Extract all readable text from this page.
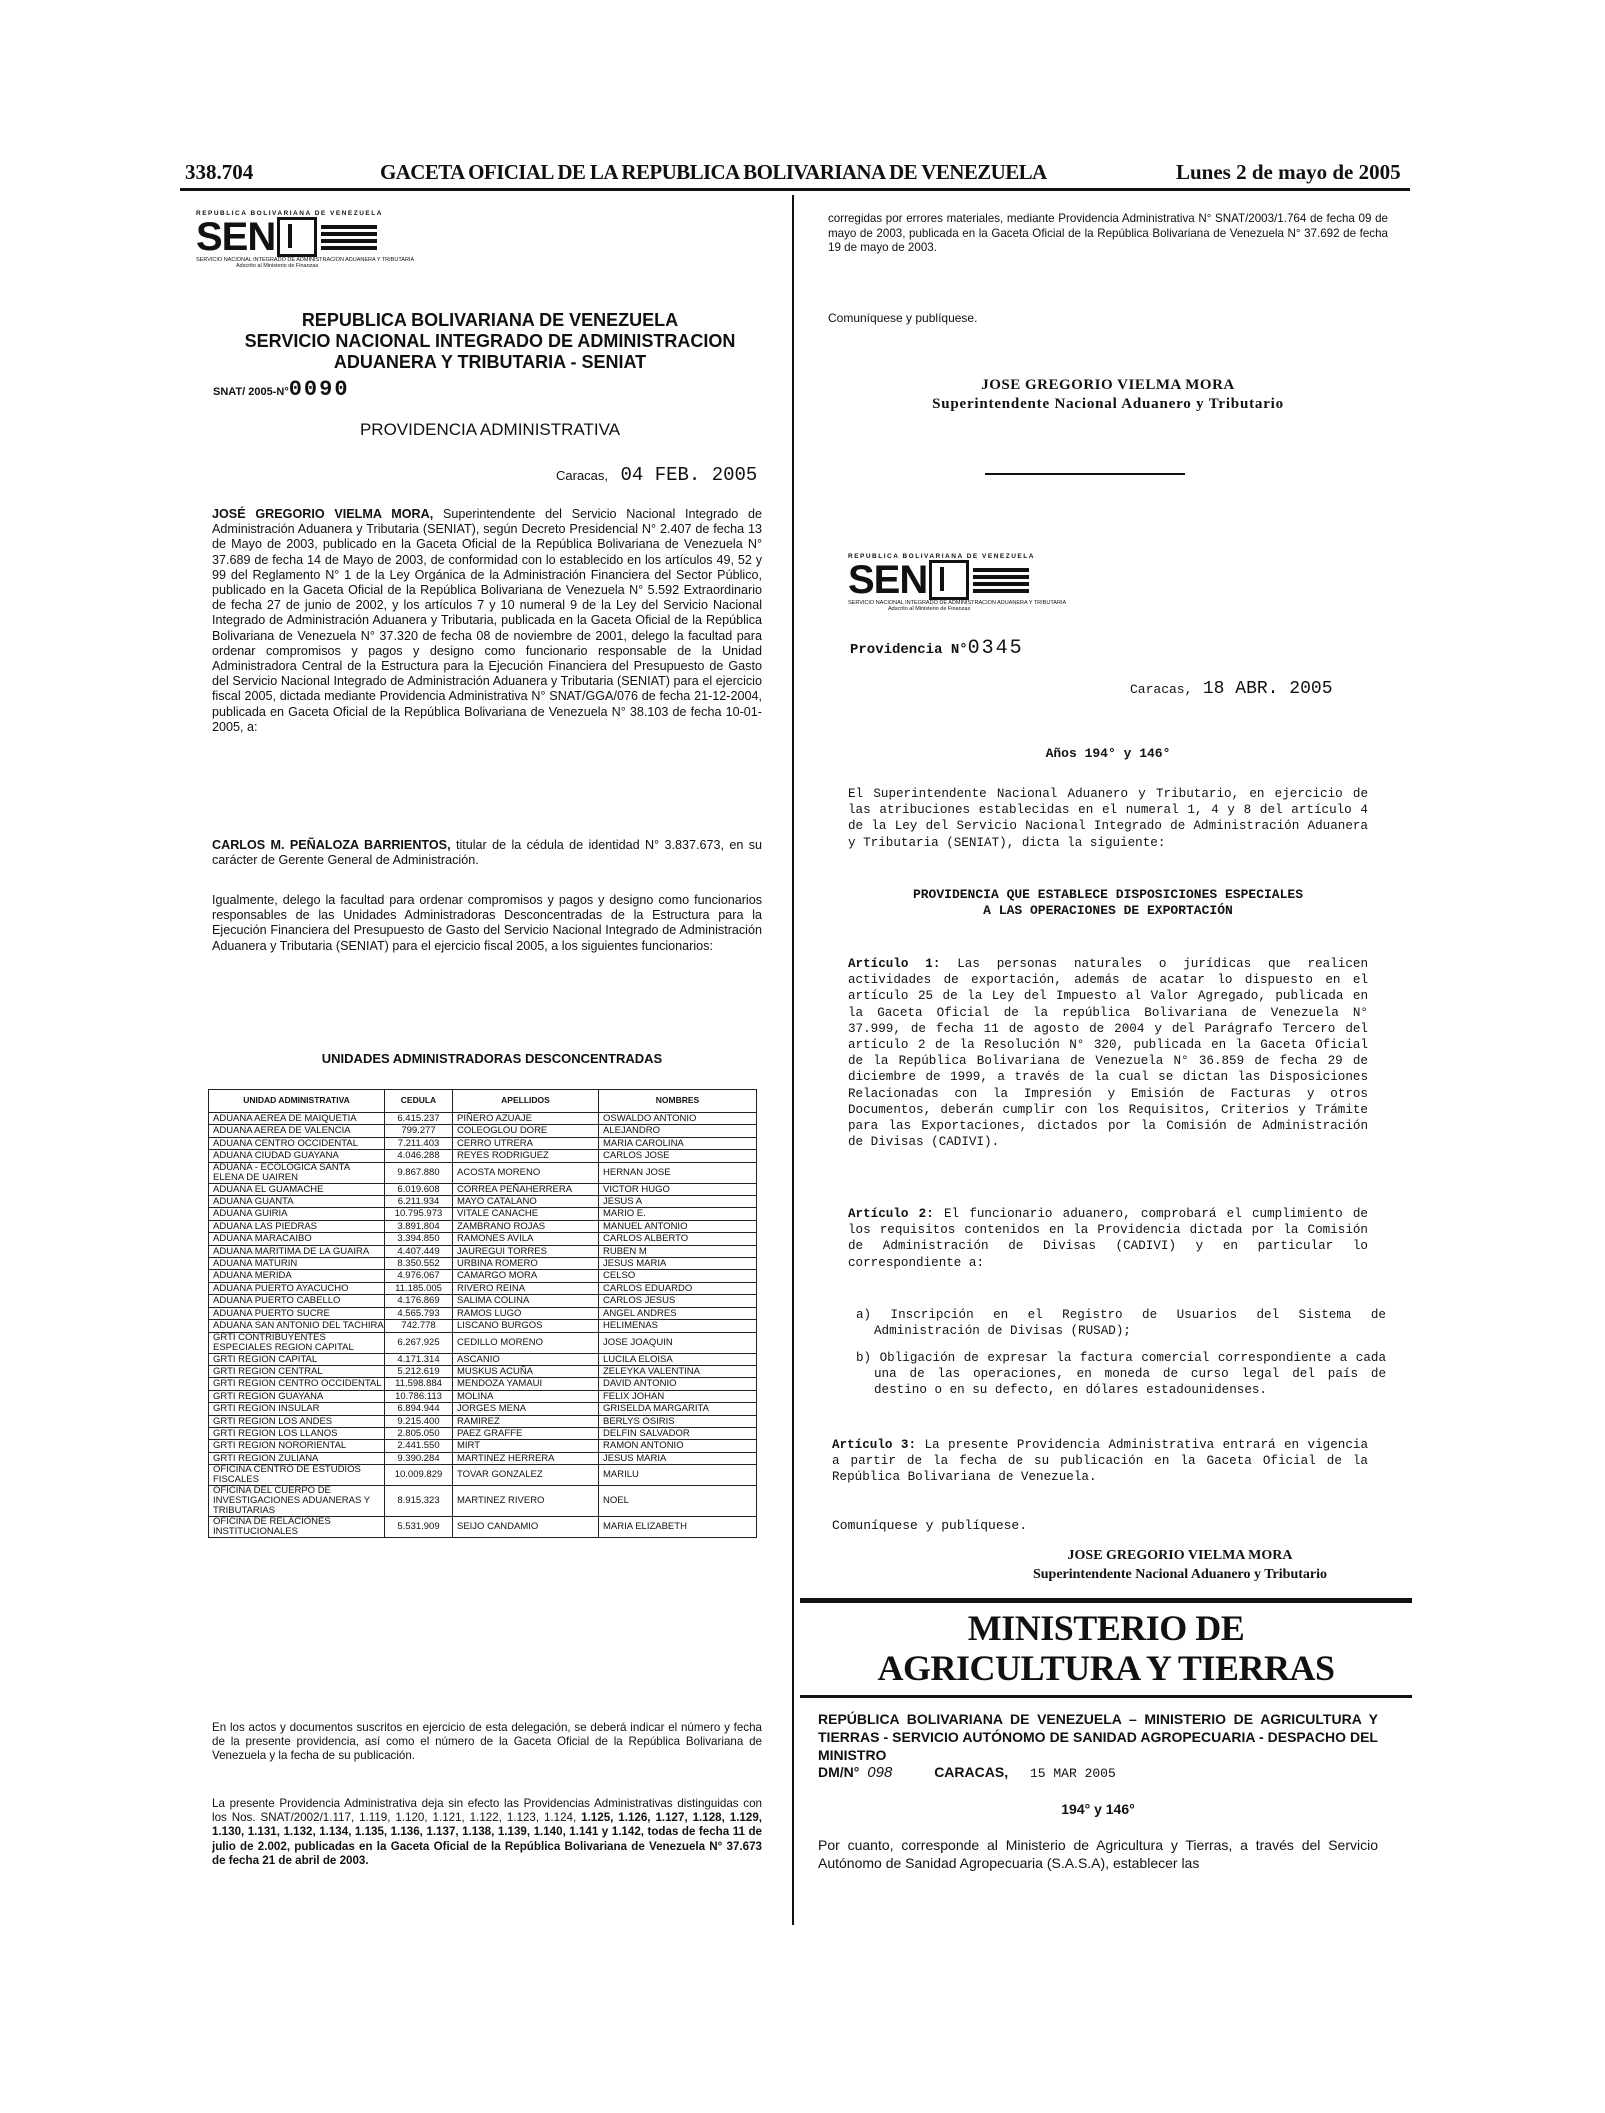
338.704	GACETA OFICIAL DE LA REPUBLICA BOLIVARIANA DE VENEZUELA	Lunes 2 de mayo de 2005
REPUBLICA BOLIVARIANA DE VENEZUELA
SEN
SERVICIO NACIONAL INTEGRADO DE ADMINISTRACION ADUANERA Y TRIBUTARIA
Adscrito al Ministerio de Finanzas
REPUBLICA BOLIVARIANA DE VENEZUELA
SERVICIO NACIONAL INTEGRADO DE ADMINISTRACION
ADUANERA Y TRIBUTARIA - SENIAT
SNAT/ 2005-N°0090
PROVIDENCIA ADMINISTRATIVA
Caracas, 04 FEB. 2005
JOSÉ GREGORIO VIELMA MORA, Superintendente del Servicio Nacional Integrado de Administración Aduanera y Tributaria (SENIAT), según Decreto Presidencial N° 2.407 de fecha 13 de Mayo de 2003, publicado en la Gaceta Oficial de la República Bolivariana de Venezuela N° 37.689 de fecha 14 de Mayo de 2003, de conformidad con lo establecido en los artículos 49, 52 y 99 del Reglamento N° 1 de la Ley Orgánica de la Administración Financiera del Sector Público, publicado en la Gaceta Oficial de la República Bolivariana de Venezuela N° 5.592 Extraordinario de fecha 27 de junio de 2002, y los artículos 7 y 10 numeral 9 de la Ley del Servicio Nacional Integrado de Administración Aduanera y Tributaria, publicada en la Gaceta Oficial de la República Bolivariana de Venezuela N° 37.320 de fecha 08 de noviembre de 2001, delego la facultad para ordenar compromisos y pagos y designo como funcionario responsable de la Unidad Administradora Central de la Estructura para la Ejecución Financiera del Presupuesto de Gasto del Servicio Nacional Integrado de Administración Aduanera y Tributaria (SENIAT) para el ejercicio fiscal 2005, dictada mediante Providencia Administrativa N° SNAT/GGA/076 de fecha 21-12-2004, publicada en Gaceta Oficial de la República Bolivariana de Venezuela N° 38.103 de fecha 10-01-2005, a:
CARLOS M. PEÑALOZA BARRIENTOS, titular de la cédula de identidad N° 3.837.673, en su carácter de Gerente General de Administración.
Igualmente, delego la facultad para ordenar compromisos y pagos y designo como funcionarios responsables de las Unidades Administradoras Desconcentradas de la Estructura para la Ejecución Financiera del Presupuesto de Gasto del Servicio Nacional Integrado de Administración Aduanera y Tributaria (SENIAT) para el ejercicio fiscal 2005, a los siguientes funcionarios:
UNIDADES ADMINISTRADORAS DESCONCENTRADAS
UNIDAD ADMINISTRATIVA	CEDULA	APELLIDOS	NOMBRES
ADUANA AEREA DE MAIQUETIA	6.415.237	PIÑERO AZUAJE	OSWALDO ANTONIO
ADUANA AEREA DE VALENCIA	799.277	COLEOGLOU DORE	ALEJANDRO
ADUANA CENTRO OCCIDENTAL	7.211.403	CERRO UTRERA	MARIA CAROLINA
ADUANA CIUDAD GUAYANA	4.046.288	REYES RODRIGUEZ	CARLOS JOSE
ADUANA - ECOLOGICA SANTA ELENA DE UAIREN	9.867.880	ACOSTA MORENO	HERNAN JOSE
ADUANA EL GUAMACHE	6.019.608	CORREA PEÑAHERRERA	VICTOR HUGO
ADUANA GUANTA	6.211.934	MAYO CATALANO	JESUS A
ADUANA GUIRIA	10.795.973	VITALE CANACHE	MARIO E.
ADUANA LAS PIEDRAS	3.891.804	ZAMBRANO ROJAS	MANUEL ANTONIO
ADUANA MARACAIBO	3.394.850	RAMONES AVILA	CARLOS ALBERTO
ADUANA MARITIMA DE LA GUAIRA	4.407.449	JAUREGUI TORRES	RUBEN M
ADUANA MATURIN	8.350.552	URBINA ROMERO	JESUS MARIA
ADUANA MERIDA	4.976.067	CAMARGO MORA	CELSO
ADUANA PUERTO AYACUCHO	11.185.005	RIVERO REINA	CARLOS EDUARDO
ADUANA PUERTO CABELLO	4.176.869	SALIMA COLINA	CARLOS JESUS
ADUANA PUERTO SUCRE	4.565.793	RAMOS LUGO	ANGEL ANDRES
ADUANA SAN ANTONIO DEL TACHIRA	742.778	LISCANO BURGOS	HELIMENAS
GRTI CONTRIBUYENTES ESPECIALES REGION CAPITAL	6.267.925	CEDILLO MORENO	JOSE JOAQUIN
GRTI REGION CAPITAL	4.171.314	ASCANIO	LUCILA ELOISA
GRTI REGION CENTRAL	5.212.619	MUSKUS ACUÑA	ZELEYKA VALENTINA
GRTI REGION CENTRO OCCIDENTAL	11.598.884	MENDOZA YAMAUI	DAVID ANTONIO
GRTI REGION GUAYANA	10.786.113	MOLINA	FELIX JOHAN
GRTI REGION INSULAR	6.894.944	JORGES MENA	GRISELDA MARGARITA
GRTI REGION LOS ANDES	9.215.400	RAMIREZ	BERLYS OSIRIS
GRTI REGION LOS LLANOS	2.805.050	PAEZ GRAFFE	DELFIN SALVADOR
GRTI REGION NORORIENTAL	2.441.550	MIRT	RAMON ANTONIO
GRTI REGION ZULIANA	9.390.284	MARTINEZ HERRERA	JESUS MARIA
OFICINA CENTRO DE ESTUDIOS FISCALES	10.009.829	TOVAR GONZALEZ	MARILU
OFICINA DEL CUERPO DE INVESTIGACIONES ADUANERAS Y TRIBUTARIAS	8.915.323	MARTINEZ RIVERO	NOEL
OFICINA DE RELACIONES INSTITUCIONALES	5.531.909	SEIJO CANDAMIO	MARIA ELIZABETH
En los actos y documentos suscritos en ejercicio de esta delegación, se deberá indicar el número y fecha de la presente providencia, así como el número de la Gaceta Oficial de la República Bolivariana de Venezuela y la fecha de su publicación.
La presente Providencia Administrativa deja sin efecto las Providencias Administrativas distinguidas con los Nos. SNAT/2002/1.117, 1.119, 1.120, 1.121, 1.122, 1.123, 1.124, 1.125, 1.126, 1.127, 1.128, 1.129, 1.130, 1.131, 1.132, 1.134, 1.135, 1.136, 1.137, 1.138, 1.139, 1.140, 1.141 y 1.142, todas de fecha 11 de julio de 2.002, publicadas en la Gaceta Oficial de la República Bolivariana de Venezuela N° 37.673 de fecha 21 de abril de 2003.
corregidas por errores materiales, mediante Providencia Administrativa N° SNAT/2003/1.764 de fecha 09 de mayo de 2003, publicada en la Gaceta Oficial de la República Bolivariana de Venezuela N° 37.692 de fecha 19 de mayo de 2003.
Comuníquese y publíquese.
JOSE GREGORIO VIELMA MORA
Superintendente Nacional Aduanero y Tributario
REPUBLICA BOLIVARIANA DE VENEZUELA
SEN
SERVICIO NACIONAL INTEGRADO DE ADMINISTRACION ADUANERA Y TRIBUTARIA
Adscrito al Ministerio de Finanzas
Providencia N°0345
Caracas, 18 ABR. 2005
Años 194° y 146°
El Superintendente Nacional Aduanero y Tributario, en ejercicio de las atribuciones establecidas en el numeral 1, 4 y 8 del artículo 4 de la Ley del Servicio Nacional Integrado de Administración Aduanera y Tributaria (SENIAT), dicta la siguiente:
PROVIDENCIA QUE ESTABLECE DISPOSICIONES ESPECIALES
A LAS OPERACIONES DE EXPORTACIÓN
Artículo 1: Las personas naturales o jurídicas que realicen actividades de exportación, además de acatar lo dispuesto en el artículo 25 de la Ley del Impuesto al Valor Agregado, publicada en la Gaceta Oficial de la república Bolivariana de Venezuela N° 37.999, de fecha 11 de agosto de 2004 y del Parágrafo Tercero del artículo 2 de la Resolución N° 320, publicada en la Gaceta Oficial de la República Bolivariana de Venezuela N° 36.859 de fecha 29 de diciembre de 1999, a través de la cual se dictan las Disposiciones Relacionadas con la Impresión y Emisión de Facturas y otros Documentos, deberán cumplir con los Requisitos, Criterios y Trámite para las Exportaciones, dictados por la Comisión de Administración de Divisas (CADIVI).
Artículo 2: El funcionario aduanero, comprobará el cumplimiento de los requisitos contenidos en la Providencia dictada por la Comisión de Administración de Divisas (CADIVI) y en particular lo correspondiente a:
a) Inscripción en el Registro de Usuarios del Sistema de Administración de Divisas (RUSAD);
b) Obligación de expresar la factura comercial correspondiente a cada una de las operaciones, en moneda de curso legal del país de destino o en su defecto, en dólares estadounidenses.
Artículo 3: La presente Providencia Administrativa entrará en vigencia a partir de la fecha de su publicación en la Gaceta Oficial de la República Bolivariana de Venezuela.
Comuníquese y publíquese.
JOSE GREGORIO VIELMA MORA
Superintendente Nacional Aduanero y Tributario
MINISTERIO DE
AGRICULTURA Y TIERRAS
REPÚBLICA BOLIVARIANA DE VENEZUELA – MINISTERIO DE AGRICULTURA Y TIERRAS - SERVICIO AUTÓNOMO DE SANIDAD AGROPECUARIA - DESPACHO DEL MINISTRO
DM/N° 098	CARACAS, 15 MAR 2005
194° y 146°
Por cuanto, corresponde al Ministerio de Agricultura y Tierras, a través del Servicio Autónomo de Sanidad Agropecuaria (S.A.S.A), establecer las
